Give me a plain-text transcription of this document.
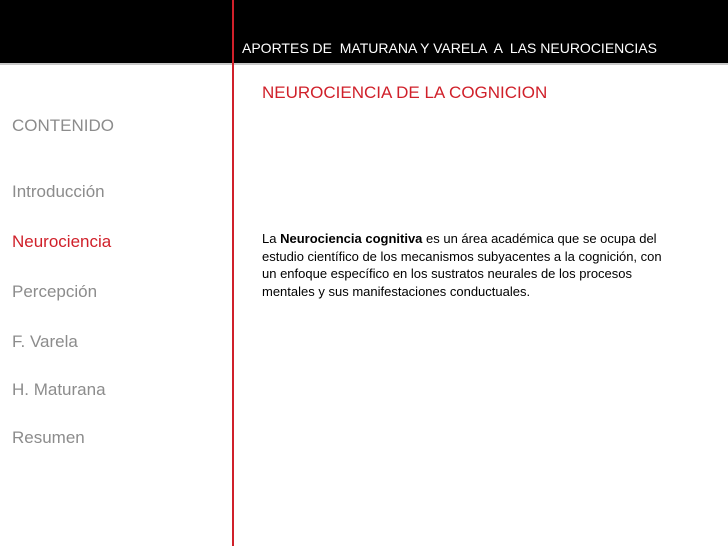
APORTES DE  MATURANA Y VARELA  A  LAS NEUROCIENCIAS
NEUROCIENCIA DE LA COGNICION
CONTENIDO
Introducción
Neurociencia
Percepción
F. Varela
H. Maturana
Resumen
La Neurociencia cognitiva es un área académica que se ocupa del estudio científico de los mecanismos subyacentes a la cognición, con un enfoque específico en los sustratos neurales de los procesos mentales y sus manifestaciones conductuales.
